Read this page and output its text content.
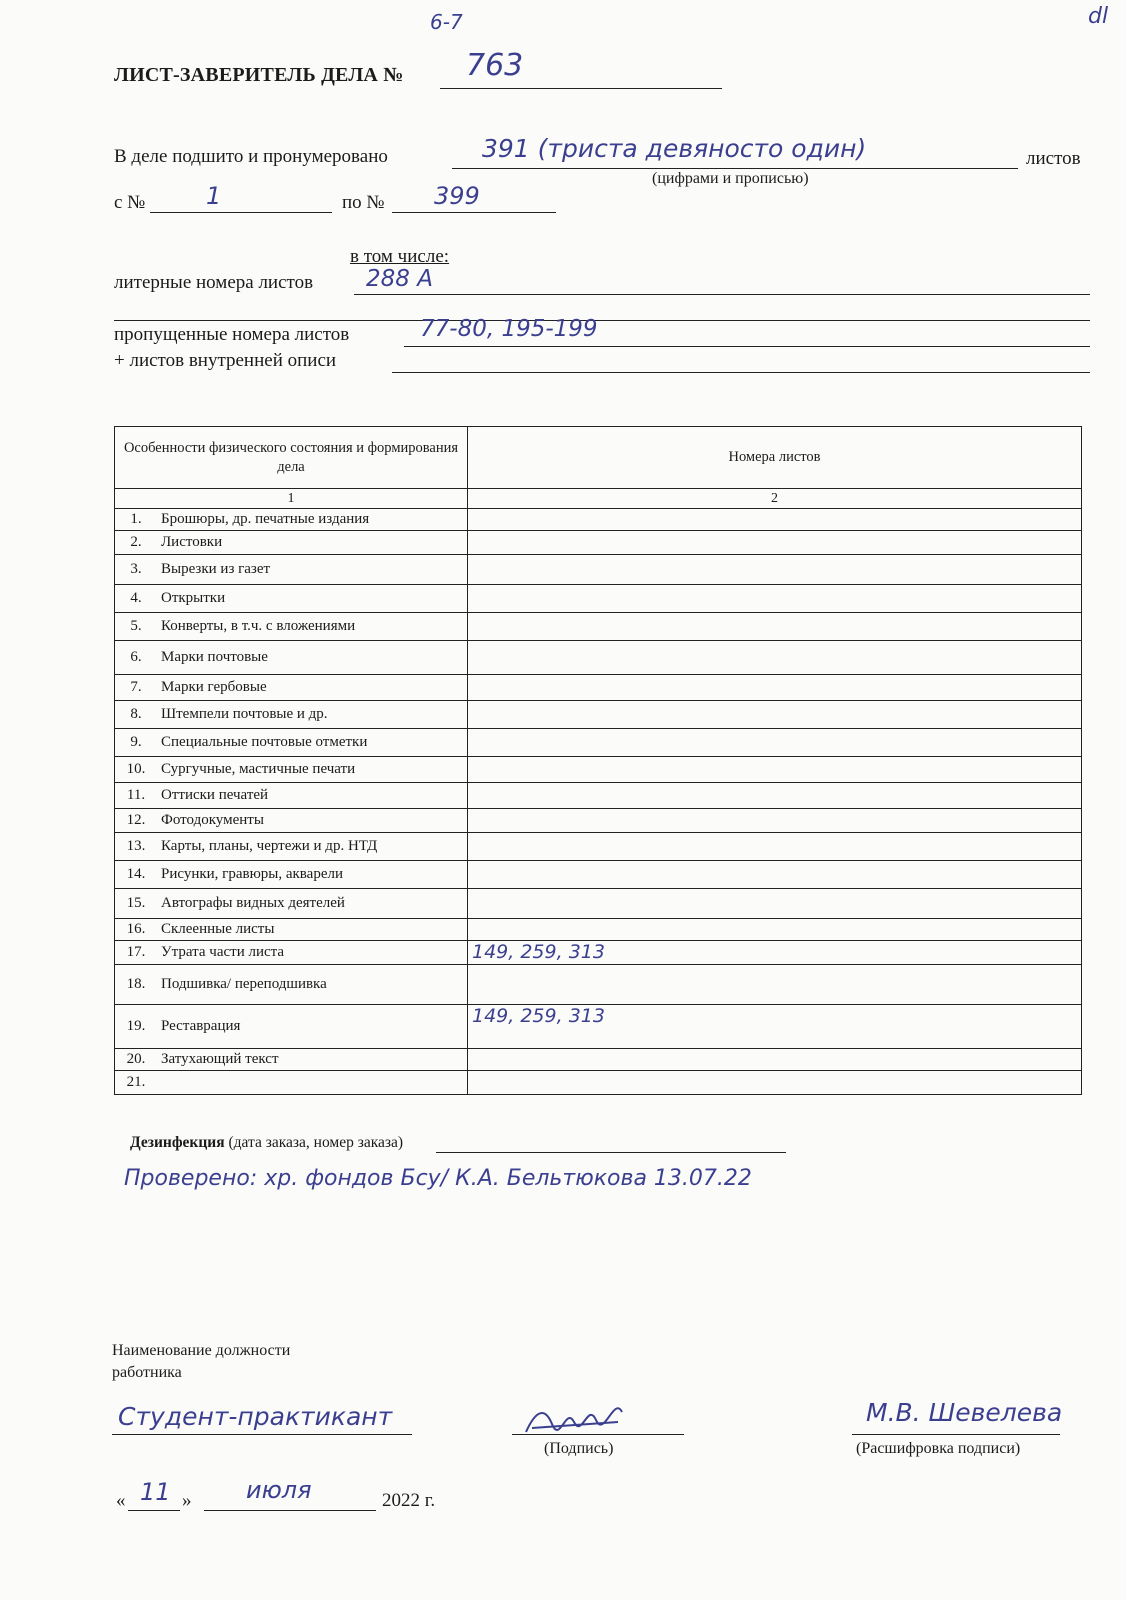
6-7	dl
ЛИСТ-ЗАВЕРИТЕЛЬ ДЕЛА № 763
В деле подшито и пронумеровано	391 (триста девяносто один)	листов
(цифрами и прописью)
с №	1	по № 399
в том числе:
литерные номера листов 288 А
пропущенные номера листов	77-80, 195-199
+ листов внутренней описи
Особенности физического состояния и формирования дела	Номера листов
1	2
1. Брошюры, др. печатные издания	
2. Листовки	
3. Вырезки из газет	
4. Открытки	
5. Конверты, в т.ч. с вложениями	
6. Марки почтовые	
7. Марки гербовые	
8. Штемпели почтовые и др.	
9. Специальные почтовые отметки	
10. Сургучные, мастичные печати	
11. Оттиски печатей	
12. Фотодокументы	
13. Карты, планы, чертежи и др. НТД	
14. Рисунки, гравюры, акварели	
15. Автографы видных деятелей	
16. Склеенные листы	
17. Утрата части листа	149, 259, 313
18. Подшивка/ переподшивка	
19. Реставрация	149, 259, 313
20. Затухающий текст	
21.	
Дезинфекция (дата заказа, номер заказа)
Проверено: хр. фондов Бсу/ К.А. Бельтюкова 13.07.22
Наименование должности
работника
Студент-практикант
(Подпись)
М.В. Шевелева
(Расшифровка подписи)
« 11 » июля	2022 г.
